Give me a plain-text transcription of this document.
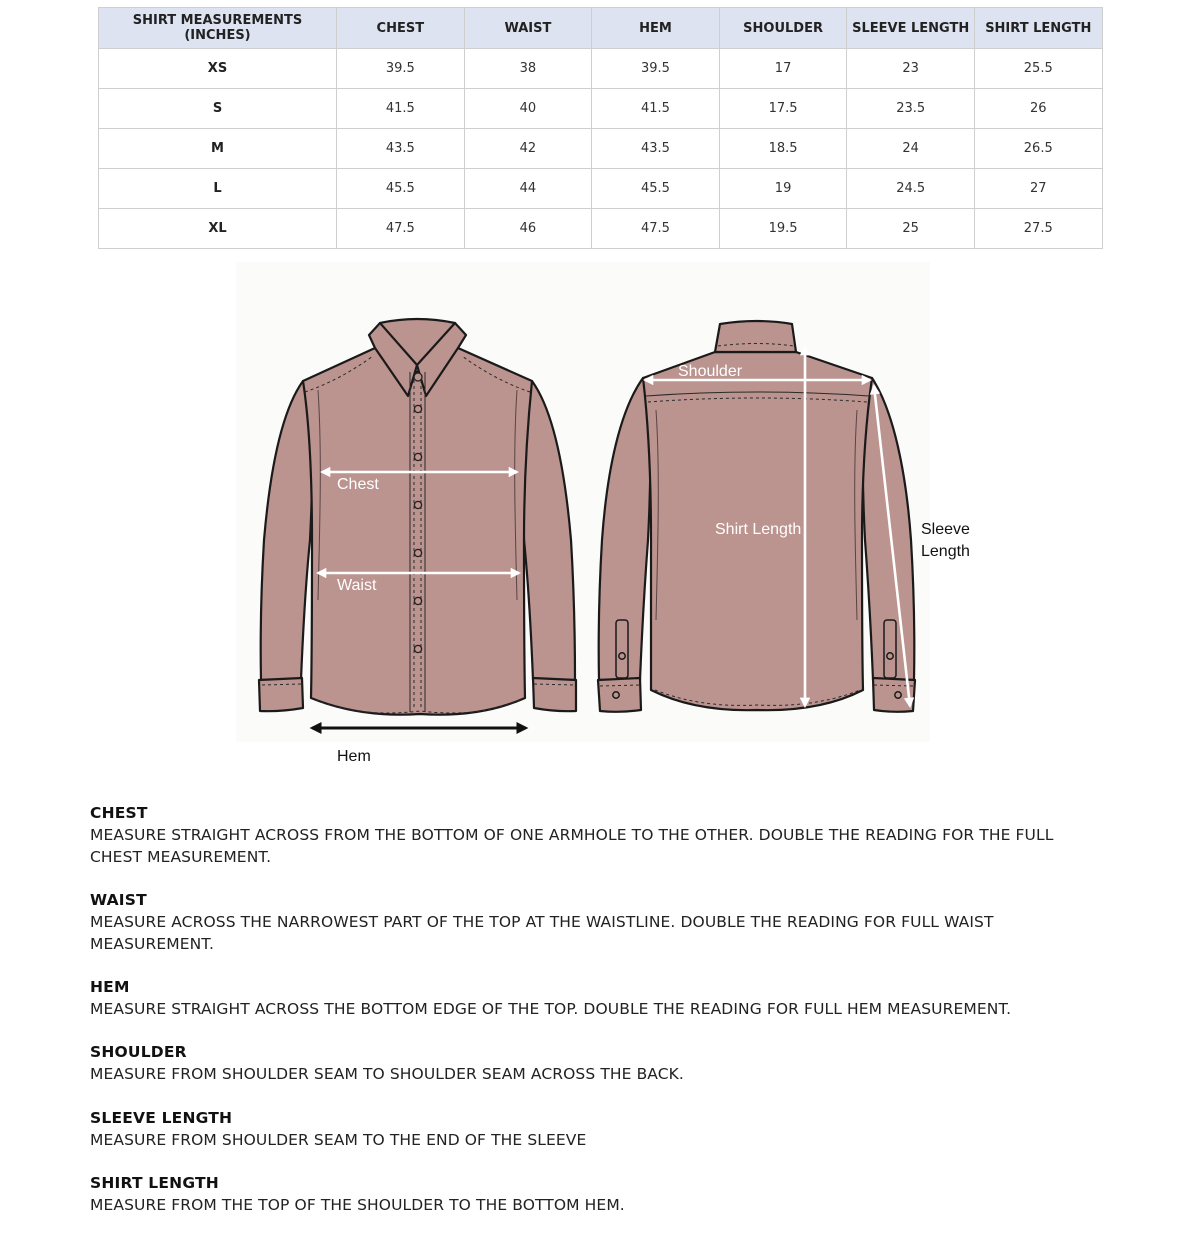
SHIRT MEASUREMENTS (INCHES)	CHEST	WAIST	HEM	SHOULDER	SLEEVE LENGTH	SHIRT LENGTH
XS	39.5	38	39.5	17	23	25.5
S	41.5	40	41.5	17.5	23.5	26
M	43.5	42	43.5	18.5	24	26.5
L	45.5	44	45.5	19	24.5	27
XL	47.5	46	47.5	19.5	25	27.5
Chest
Waist
Hem
Shoulder
Shirt Length	Sleeve
Length
CHEST
MEASURE STRAIGHT ACROSS FROM THE BOTTOM OF ONE ARMHOLE TO THE OTHER. DOUBLE THE READING FOR THE FULL CHEST MEASUREMENT.
WAIST
MEASURE ACROSS THE NARROWEST PART OF THE TOP AT THE WAISTLINE. DOUBLE THE READING FOR FULL WAIST MEASUREMENT.
HEM
MEASURE STRAIGHT ACROSS THE BOTTOM EDGE OF THE TOP. DOUBLE THE READING FOR FULL HEM MEASUREMENT.
SHOULDER
MEASURE FROM SHOULDER SEAM TO SHOULDER SEAM ACROSS THE BACK.
SLEEVE LENGTH
MEASURE FROM SHOULDER SEAM TO THE END OF THE SLEEVE
SHIRT LENGTH
MEASURE FROM THE TOP OF THE SHOULDER TO THE BOTTOM HEM.
